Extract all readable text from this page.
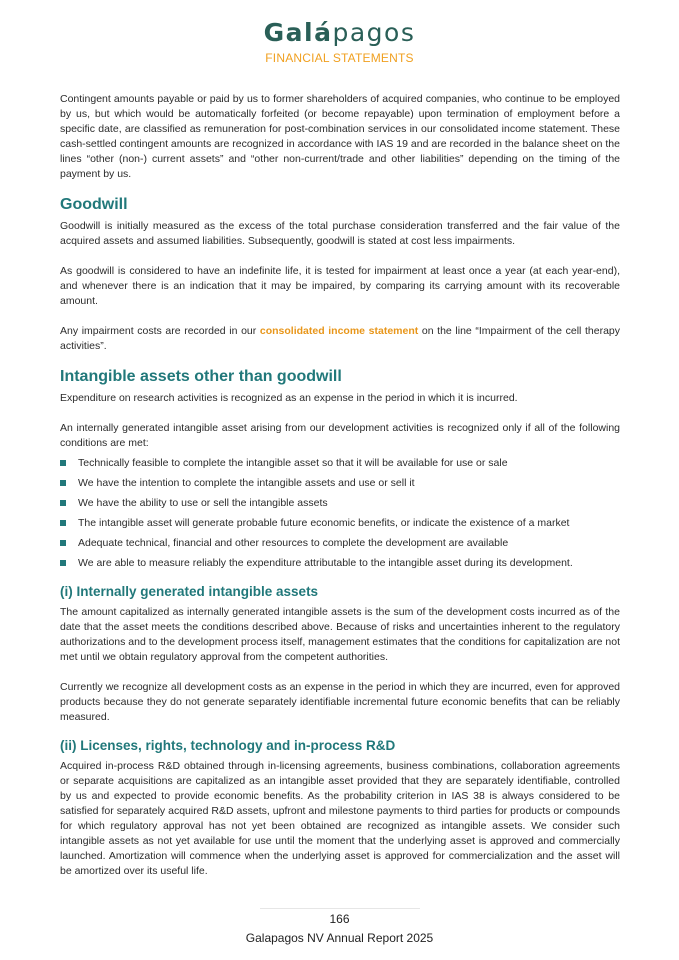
Galápagos
FINANCIAL STATEMENTS

Contingent amounts payable or paid by us to former shareholders of acquired companies, who continue to be employed by us, but which would be automatically forfeited (or become repayable) upon termination of employment before a specific date, are classified as remuneration for post-combination services in our consolidated income statement. These cash-settled contingent amounts are recognized in accordance with IAS 19 and are recorded in the balance sheet on the lines “other (non-) current assets” and “other non-current/trade and other liabilities” depending on the timing of the payment by us.

Goodwill

Goodwill is initially measured as the excess of the total purchase consideration transferred and the fair value of the acquired assets and assumed liabilities. Subsequently, goodwill is stated at cost less impairments.

As goodwill is considered to have an indefinite life, it is tested for impairment at least once a year (at each year-end), and whenever there is an indication that it may be impaired, by comparing its carrying amount with its recoverable amount.

Any impairment costs are recorded in our consolidated income statement on the line “Impairment of the cell therapy activities”.

Intangible assets other than goodwill

Expenditure on research activities is recognized as an expense in the period in which it is incurred.

An internally generated intangible asset arising from our development activities is recognized only if all of the following conditions are met:

Technically feasible to complete the intangible asset so that it will be available for use or sale
We have the intention to complete the intangible assets and use or sell it
We have the ability to use or sell the intangible assets
The intangible asset will generate probable future economic benefits, or indicate the existence of a market
Adequate technical, financial and other resources to complete the development are available
We are able to measure reliably the expenditure attributable to the intangible asset during its development.
(i) Internally generated intangible assets

The amount capitalized as internally generated intangible assets is the sum of the development costs incurred as of the date that the asset meets the conditions described above. Because of risks and uncertainties inherent to the regulatory authorizations and to the development process itself, management estimates that the conditions for capitalization are not met until we obtain regulatory approval from the competent authorities.

Currently we recognize all development costs as an expense in the period in which they are incurred, even for approved products because they do not generate separately identifiable incremental future economic benefits that can be reliably measured.

(ii) Licenses, rights, technology and in-process R&D

Acquired in-process R&D obtained through in-licensing agreements, business combinations, collaboration agreements or separate acquisitions are capitalized as an intangible asset provided that they are separately identifiable, controlled by us and expected to provide economic benefits. As the probability criterion in IAS 38 is always considered to be satisfied for separately acquired R&D assets, upfront and milestone payments to third parties for products or compounds for which regulatory approval has not yet been obtained are recognized as intangible assets. We consider such intangible assets as not yet available for use until the moment that the underlying asset is approved and commercially launched. Amortization will commence when the underlying asset is approved for commercialization and the asset will be amortized over its useful life.

166
Galapagos NV Annual Report 2025
